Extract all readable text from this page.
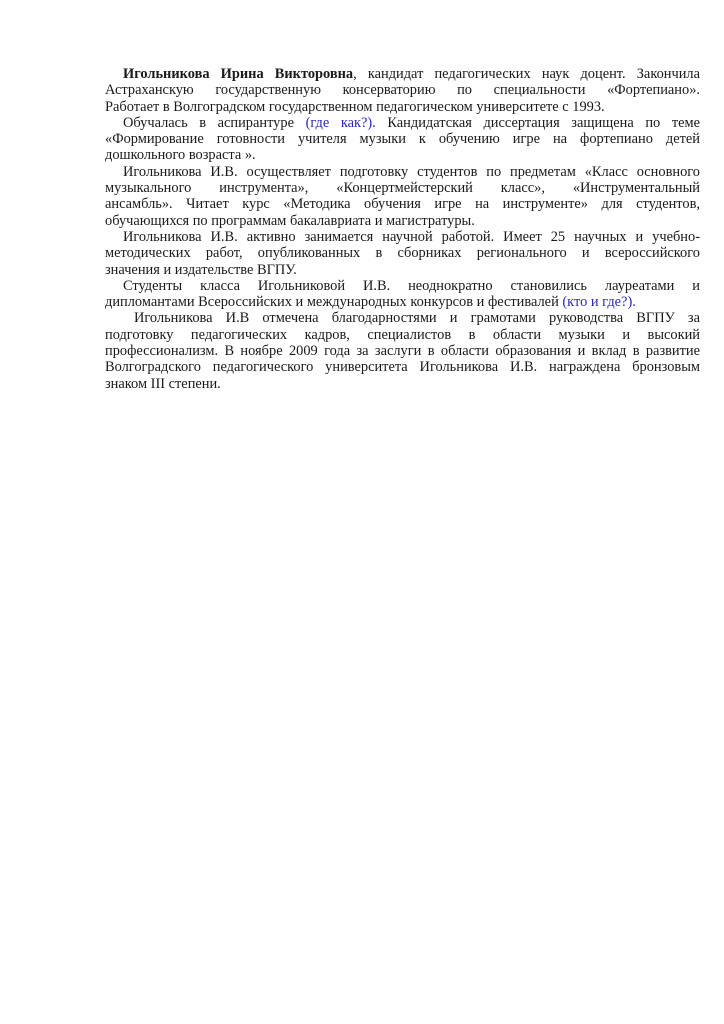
Игольникова Ирина Викторовна, кандидат педагогических наук доцент. Закончила
Астраханскую государственную консерваторию по специальности «Фортепиано».
Работает в Волгоградском государственном педагогическом университете с 1993.
Обучалась в аспирантуре (где как?). Кандидатская диссертация защищена по теме
«Формирование готовности учителя музыки к обучению игре на фортепиано детей
дошкольного возраста ».
Игольникова И.В. осуществляет подготовку студентов по предметам «Класс основного
музыкального инструмента», «Концертмейстерский класс», «Инструментальный
ансамбль». Читает курс «Методика обучения игре на инструменте» для студентов,
обучающихся по программам бакалавриата и магистратуры.
Игольникова И.В. активно занимается научной работой. Имеет 25 научных и учебно-
методических работ, опубликованных в сборниках регионального и всероссийского
значения и издательстве ВГПУ.
Студенты класса Игольниковой И.В. неоднократно становились лауреатами и
дипломантами Всероссийских и международных конкурсов и фестивалей (кто и где?).
Игольникова И.В отмечена благодарностями и грамотами руководства ВГПУ за
подготовку педагогических кадров, специалистов в области музыки и высокий
профессионализм. В ноябре 2009 года за заслуги в области образования и вклад в развитие
Волгоградского педагогического университета Игольникова И.В. награждена бронзовым
знаком III степени.
